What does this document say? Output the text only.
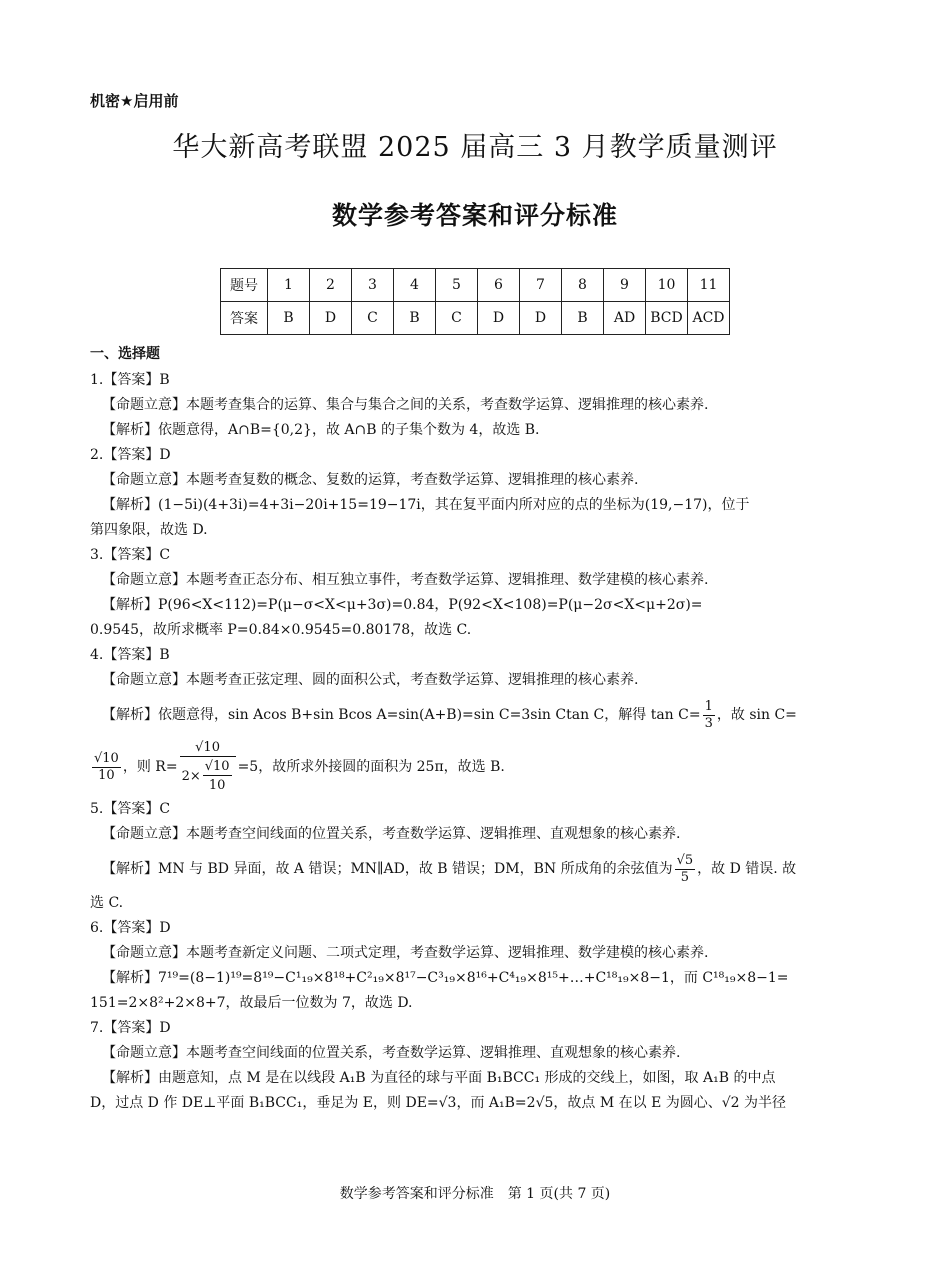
机密★启用前
华大新高考联盟 2025 届高三 3 月教学质量测评
数学参考答案和评分标准
题号	1	2	3	4	5	6	7	8	9	10	11
答案	B	D	C	B	C	D	D	B	AD	BCD	ACD
一、选择题
1.【答案】B
【命题立意】本题考查集合的运算、集合与集合之间的关系，考查数学运算、逻辑推理的核心素养.
【解析】依题意得，A∩B={0,2}，故 A∩B 的子集个数为 4，故选 B.
2.【答案】D
【命题立意】本题考查复数的概念、复数的运算，考查数学运算、逻辑推理的核心素养.
【解析】(1−5i)(4+3i)=4+3i−20i+15=19−17i，其在复平面内所对应的点的坐标为(19,−17)，位于
第四象限，故选 D.
3.【答案】C
【命题立意】本题考查正态分布、相互独立事件，考查数学运算、逻辑推理、数学建模的核心素养.
【解析】P(96<X<112)=P(μ−σ<X<μ+3σ)=0.84，P(92<X<108)=P(μ−2σ<X<μ+2σ)=
0.9545，故所求概率 P=0.84×0.9545=0.80178，故选 C.
4.【答案】B
【命题立意】本题考查正弦定理、圆的面积公式，考查数学运算、逻辑推理的核心素养.
【解析】依题意得，sin Acos B+sin Bcos A=sin(A+B)=sin C=3sin Ctan C，解得 $\tan C= \frac{1}{3}$ ，故 sin C=
$\frac{√10}{10}$ ，则 $R= \frac{√10}{2\times \frac{√10}{10}} =5$，故所求外接圆的面积为 25π，故选 B.
5.【答案】C
【命题立意】本题考查空间线面的位置关系，考查数学运算、逻辑推理、直观想象的核心素养.
【解析】MN 与 BD 异面，故 A 错误；MN∥AD，故 B 错误；DM，BN 所成角的余弦值为 $\frac{√5}{5}$ ，故 D 错误. 故
选 C.
6.【答案】D
【命题立意】本题考查新定义问题、二项式定理，考查数学运算、逻辑推理、数学建模的核心素养.
【解析】7¹⁹=(8−1)¹⁹=8¹⁹−C¹₁₉×8¹⁸+C²₁₉×8¹⁷−C³₁₉×8¹⁶+C⁴₁₉×8¹⁵+…+C¹⁸₁₉×8−1，而 C¹⁸₁₉×8−1=
151=2×8²+2×8+7，故最后一位数为 7，故选 D.
7.【答案】D
【命题立意】本题考查空间线面的位置关系，考查数学运算、逻辑推理、直观想象的核心素养.
【解析】由题意知，点 M 是在以线段 A₁B 为直径的球与平面 B₁BCC₁ 形成的交线上，如图，取 A₁B 的中点
D，过点 D 作 DE⊥平面 B₁BCC₁，垂足为 E，则 DE=√3，而 A₁B=2√5，故点 M 在以 E 为圆心、√2 为半径
数学参考答案和评分标准　第 1 页(共 7 页)
